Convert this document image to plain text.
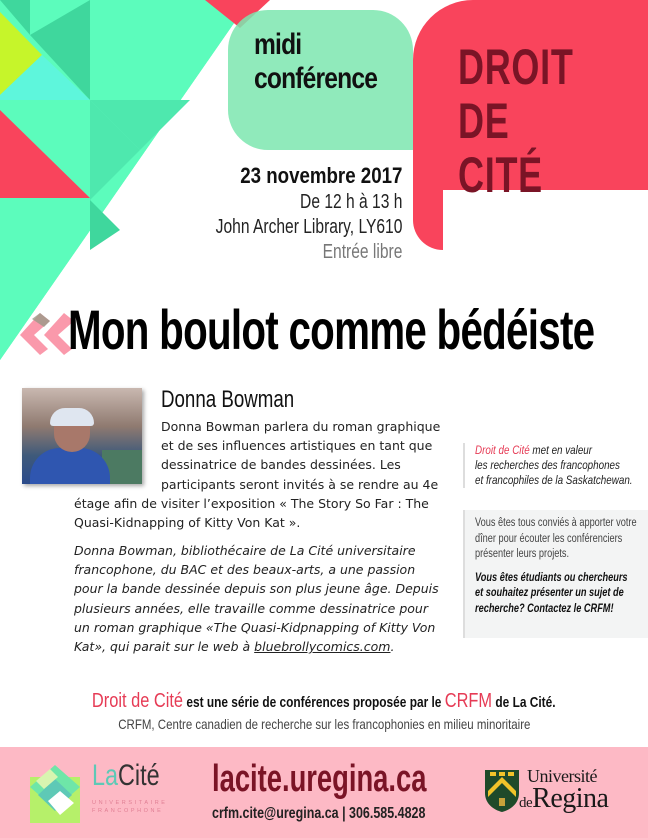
midi
conférence DROIT
DE CITÉ
23 novembre 2017
De 12 h à 13 h
John Archer Library, LY610
Entrée libre
Mon boulot comme bédéiste
Donna Bowman
Donna Bowman parlera du roman graphique
et de ses influences artistiques en tant que
dessinatrice de bandes dessinées. Les
participants seront invités à se rendre au 4e
étage afin de visiter l’exposition « The Story So Far : The
Quasi-Kidnapping of Kitty Von Kat ».
Donna Bowman, bibliothécaire de La Cité universitaire
francophone, du BAC et des beaux-arts, a une passion
pour la bande dessinée depuis son plus jeune âge. Depuis
plusieurs années, elle travaille comme dessinatrice pour
un roman graphique «The Quasi-Kidpnapping of Kitty Von
Kat», qui parait sur le web à bluebrollycomics.com.
Droit de Cité met en valeur
les recherches des francophones
et francophiles de la Saskatchewan.
Vous êtes tous conviés à apporter votre
dîner pour écouter les conférenciers
présenter leurs projets.
Vous êtes étudiants ou chercheurs
et souhaitez présenter un sujet de
recherche? Contactez le CRFM!
Droit de Cité est une série de conférences proposée par le CRFM de La Cité.
CRFM, Centre canadien de recherche sur les francophonies en milieu minoritaire
LaCité
UNIVERSITAIRE
FRANCOPHONE
lacite.uregina.ca
crfm.cite@uregina.ca | 306.585.4828
Université
deRegina
